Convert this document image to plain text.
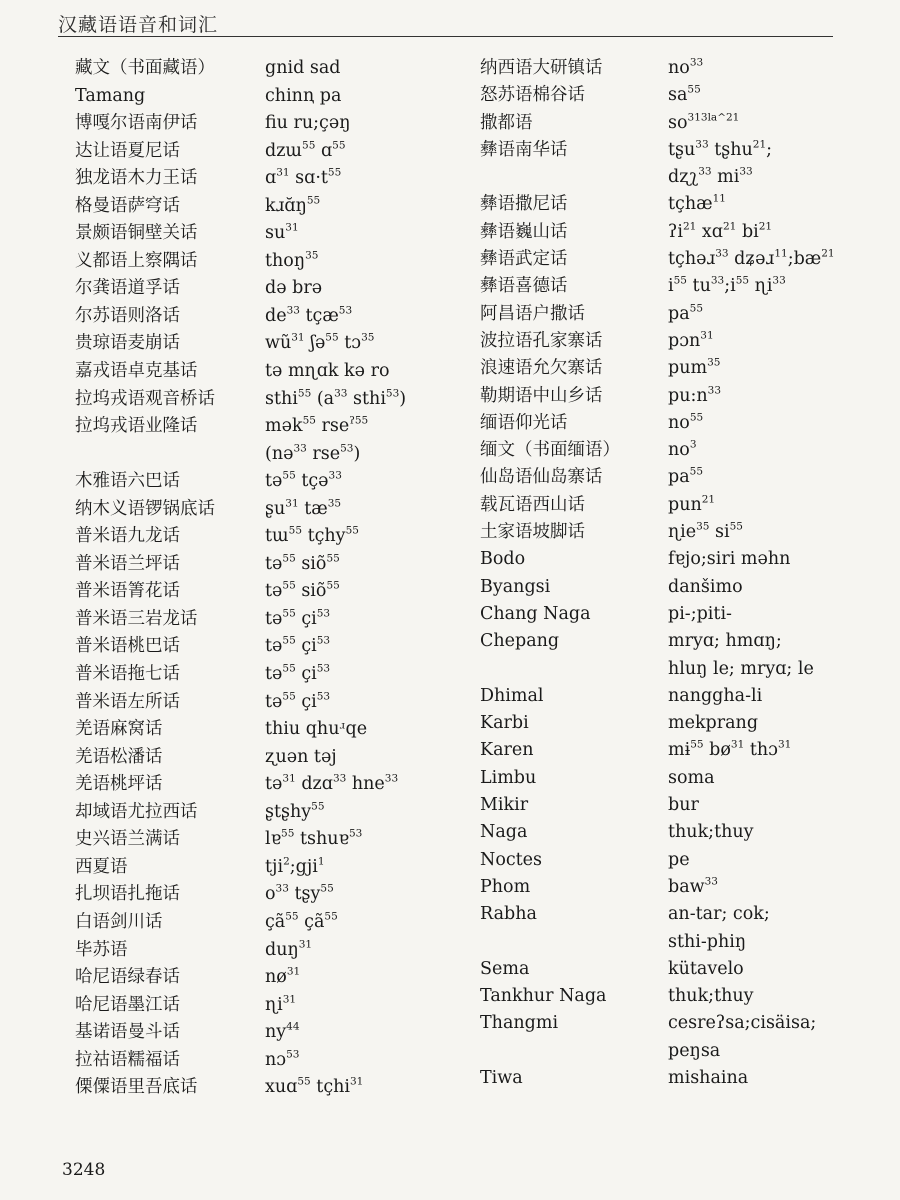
汉藏语语音和词汇
藏文（书面藏语）	gnid sad
Tamang	chinꞑ pa
博嘎尔语南伊话	fiu ru;çəŋ
达让语夏尼话	dzɯ$^{55}$ ɑ$^{55}$
独龙语木力王话	ɑ$^{31}$ $sɑ\cdot t^{55}$
格曼语萨穹话	$kɹɑ̆ŋ^{55}$
景颇语铜壁关话	$su^{31}$
义都语上察隅话	thoŋ$^{35}$
尔龚语道孚话	də brə
尔苏语则洛话	$de^{33}$ tçæ$^{53}$
贵琼语麦崩话	$wũ^{31}$ ʃə$^{55}$ tɔ$^{35}$
嘉戎语卓克基话	tə mɳɑk kə ro
拉坞戎语观音桥话	sthi$^{55}$ ($a^{33}$ sthi$^{53}$)
拉坞戎语业隆话	mək$^{55}$ rse$^{ʔ55}$
(nə$^{33}$ rse$^{53}$)
木雅语六巴话	tə$^{55}$ tçə$^{33}$
纳木义语锣锅底话	ʂu$^{31}$ $tæ^{35}$
普米语九龙话	tɯ$^{55}$ tçhy$^{55}$
普米语兰坪话	tə$^{55}$ siõ$^{55}$
普米语箐花话	tə$^{55}$ siõ$^{55}$
普米语三岩龙话	tə$^{55}$ $çi^{53}$
普米语桃巴话	tə$^{55}$ $çi^{53}$
普米语拖七话	tə$^{55}$ $çi^{53}$
普米语左所话	tə$^{55}$ $çi^{53}$
羌语麻窝话	thiu qhuʴqe
羌语松潘话	ʐuən təj
羌语桃坪话	tə$^{31}$ dzɑ$^{33}$ hne$^{33}$
却域语尤拉西话	ʂtʂhy$^{55}$
史兴语兰满话	lɐ$^{55}$ tshuɐ$^{53}$
西夏语	tji$^2$;gji$^1$
扎坝语扎拖话	$o^{33}$ tʂy$^{55}$
白语剑川话	$çã^{55}$ $çã^{55}$
毕苏语	duŋ$^{31}$
哈尼语绿春话	$nø^{31}$
哈尼语墨江话	ɳi$^{31}$
基诺语曼斗话	$ny^{44}$
拉祜语糯福话	nɔ$^{53}$
傈僳语里吾底话	xuɑ$^{55}$ tçhi$^{31}$
纳西语大研镇话	$no^{33}$
怒苏语棉谷话	$sa^{55}$
撒都语	$so^{313la\^{}21}$
彝语南华话	tʂu$^{33}$ tʂhu$^{21}$;
dʐʅ$^{33}$ $mi^{33}$
彝语撒尼话	tçhæ$^{11}$
彝语巍山话	ʔi$^{21}$ xɑ$^{21}$ $bi^{21}$
彝语武定话	tçhəɹ$^{33}$ $dʑəɹ^{11};bæ^{21}$
彝语喜德话	$i^{55}$ $tu^{33};i^{55}$ ɳi$^{33}$
阿昌语户撒话	$pa^{55}$
波拉语孔家寨话	pɔn$^{31}$
浪速语允欠寨话	pum$^{35}$
勒期语中山乡话	$pu:n^{33}$
缅语仰光话	$no^{55}$
缅文（书面缅语）	$no^3$
仙岛语仙岛寨话	$pa^{55}$
载瓦语西山话	pun$^{21}$
土家语坡脚话	ɳie$^{35}$ $si^{55}$
Bodo	fɐjo;siri məhn
Byangsi	danšimo
Chang Naga	pi-;piti-
Chepang	mryɑ; hmɑŋ;
hluŋ le; mryɑ; le
Dhimal	nanggha-li
Karbi	mekprang
Karen	mɨ$^{55}$ $bø^{31}$ thɔ$^{31}$
Limbu	soma
Mikir	bur
Naga	thuk;thuy
Noctes	pe
Phom	baw$^{33}$
Rabha	an-tar; cok;
sthi-phiŋ
Sema	kütavelo
Tankhur Naga	thuk;thuy
Thangmi	cesreʔsa;cisäisa;
peŋsa
Tiwa	mishaina
3248
